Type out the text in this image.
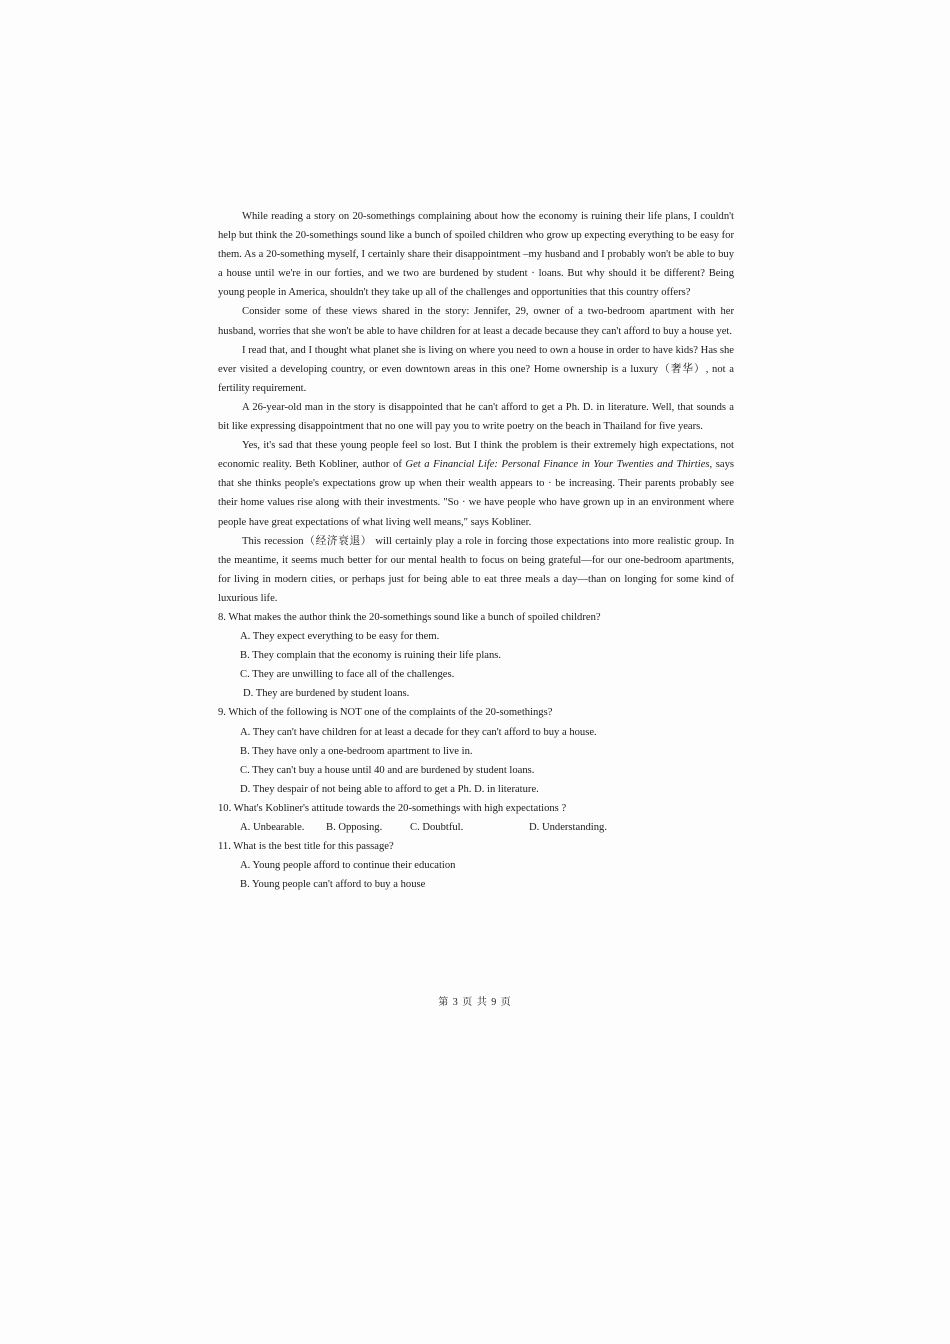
While reading a story on 20-somethings complaining about how the economy is ruining their life plans, I couldn't help but think the 20-somethings sound like a bunch of spoiled children who grow up expecting everything to be easy for them. As a 20-something myself, I certainly share their disappointment –my husband and I probably won't be able to buy a house until we're in our forties, and we two are burdened by student · loans. But why should it be different? Being young people in America, shouldn't they take up all of the challenges and opportunities that this country offers?

Consider some of these views shared in the story: Jennifer, 29, owner of a two-bedroom apartment with her husband, worries that she won't be able to have children for at least a decade because they can't afford to buy a house yet.

I read that, and I thought what planet she is living on where you need to own a house in order to have kids? Has she ever visited a developing country, or even downtown areas in this one? Home ownership is a luxury（奢华）, not a fertility requirement.

A 26-year-old man in the story is disappointed that he can't afford to get a Ph. D. in literature. Well, that sounds a bit like expressing disappointment that no one will pay you to write poetry on the beach in Thailand for five years.

Yes, it's sad that these young people feel so lost. But I think the problem is their extremely high expectations, not economic reality. Beth Kobliner, author of Get a Financial Life: Personal Finance in Your Twenties and Thirties, says that she thinks people's expectations grow up when their wealth appears to · be increasing. Their parents probably see their home values rise along with their investments. "So · we have people who have grown up in an environment where people have great expectations of what living well means," says Kobliner.

This recession（经济衰退） will certainly play a role in forcing those expectations into more realistic group. In the meantime, it seems much better for our mental health to focus on being grateful—for our one-bedroom apartments, for living in modern cities, or perhaps just for being able to eat three meals a day—than on longing for some kind of luxurious life.

8. What makes the author think the 20-somethings sound like a bunch of spoiled children?

A. They expect everything to be easy for them.

B. They complain that the economy is ruining their life plans.

C. They are unwilling to face all of the challenges.

D. They are burdened by student loans.

9. Which of the following is NOT one of the complaints of the 20-somethings?

A. They can't have children for at least a decade for they can't afford to buy a house.

B. They have only a one-bedroom apartment to live in.

C. They can't buy a house until 40 and are burdened by student loans.

D. They despair of not being able to afford to get a Ph. D. in literature.

10. What's Kobliner's attitude towards the 20-somethings with high expectations ?

A. Unbearable.	B. Opposing.	C. Doubtful.	D. Understanding.

11. What is the best title for this passage?

A. Young people afford to continue their education

B. Young people can't afford to buy a house

第 3 页 共 9 页
